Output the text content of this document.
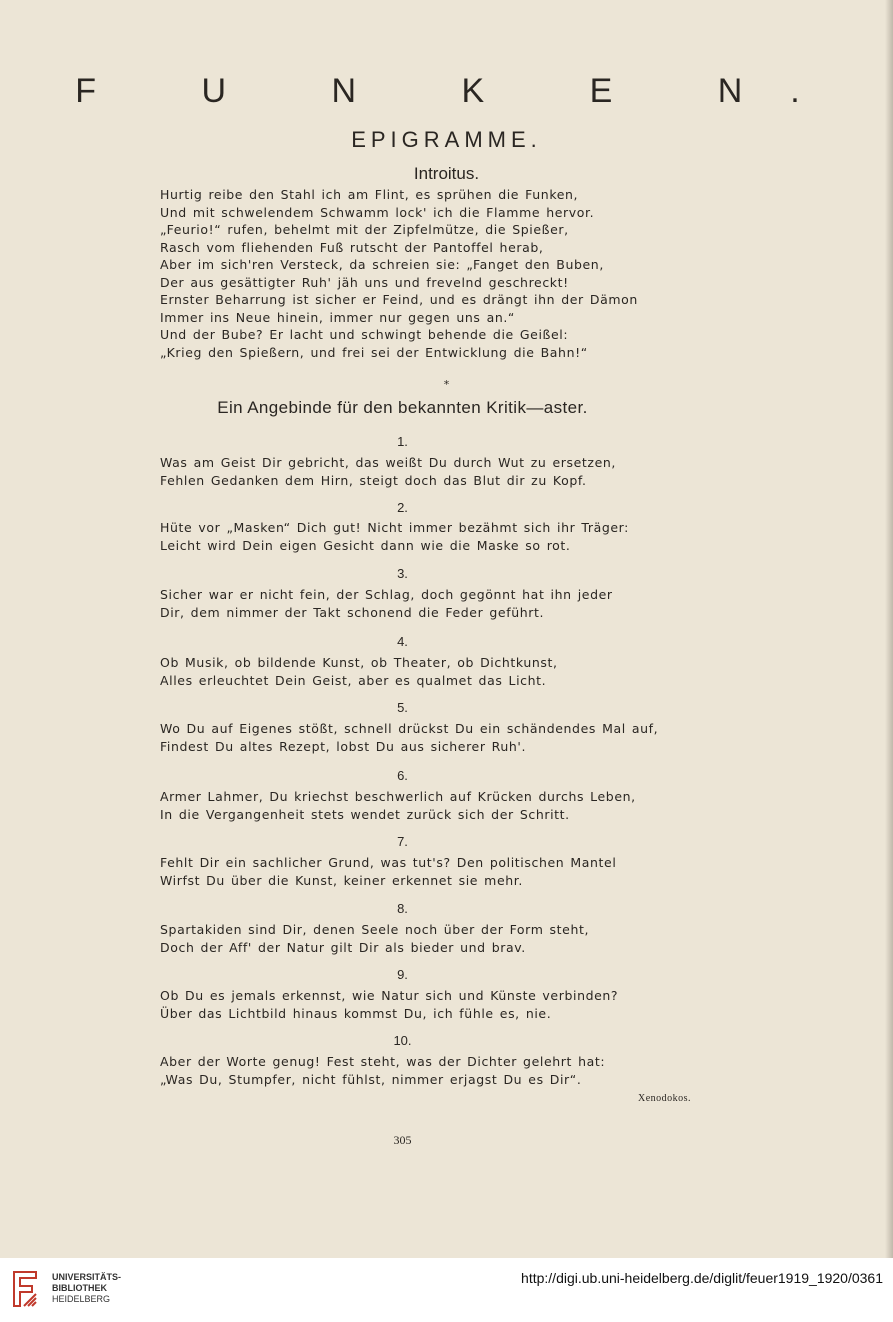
F U N K E N.
EPIGRAMME.
Introitus.
Hurtig reibe den Stahl ich am Flint, es sprühen die Funken,
Und mit schwelendem Schwamm lock' ich die Flamme hervor.
„Feurio!“ rufen, behelmt mit der Zipfelmütze, die Spießer,
Rasch vom fliehenden Fuß rutscht der Pantoffel herab,
Aber im sich'ren Versteck, da schreien sie: „Fanget den Buben,
Der aus gesättigter Ruh' jäh uns und frevelnd geschreckt!
Ernster Beharrung ist sicher er Feind, und es drängt ihn der Dämon
Immer ins Neue hinein, immer nur gegen uns an.“
Und der Bube? Er lacht und schwingt behende die Geißel:
„Krieg den Spießern, und frei sei der Entwicklung die Bahn!“
*
Ein Angebinde für den bekannten Kritik—aster.
1.
Was am Geist Dir gebricht, das weißt Du durch Wut zu ersetzen,
Fehlen Gedanken dem Hirn, steigt doch das Blut dir zu Kopf.
2.
Hüte vor „Masken“ Dich gut! Nicht immer bezähmt sich ihr Träger:
Leicht wird Dein eigen Gesicht dann wie die Maske so rot.
3.
Sicher war er nicht fein, der Schlag, doch gegönnt hat ihn jeder
Dir, dem nimmer der Takt schonend die Feder geführt.
4.
Ob Musik, ob bildende Kunst, ob Theater, ob Dichtkunst,
Alles erleuchtet Dein Geist, aber es qualmet das Licht.
5.
Wo Du auf Eigenes stößt, schnell drückst Du ein schändendes Mal auf,
Findest Du altes Rezept, lobst Du aus sicherer Ruh'.
6.
Armer Lahmer, Du kriechst beschwerlich auf Krücken durchs Leben,
In die Vergangenheit stets wendet zurück sich der Schritt.
7.
Fehlt Dir ein sachlicher Grund, was tut's? Den politischen Mantel
Wirfst Du über die Kunst, keiner erkennet sie mehr.
8.
Spartakiden sind Dir, denen Seele noch über der Form steht,
Doch der Aff' der Natur gilt Dir als bieder und brav.
9.
Ob Du es jemals erkennst, wie Natur sich und Künste verbinden?
Über das Lichtbild hinaus kommst Du, ich fühle es, nie.
10.
Aber der Worte genug! Fest steht, was der Dichter gelehrt hat:
„Was Du, Stumpfer, nicht fühlst, nimmer erjagst Du es Dir“.
Xenodokos.
305
UNIVERSITÄTS-
BIBLIOTHEK
HEIDELBERG
http://digi.ub.uni-heidelberg.de/diglit/feuer1919_1920/0361
